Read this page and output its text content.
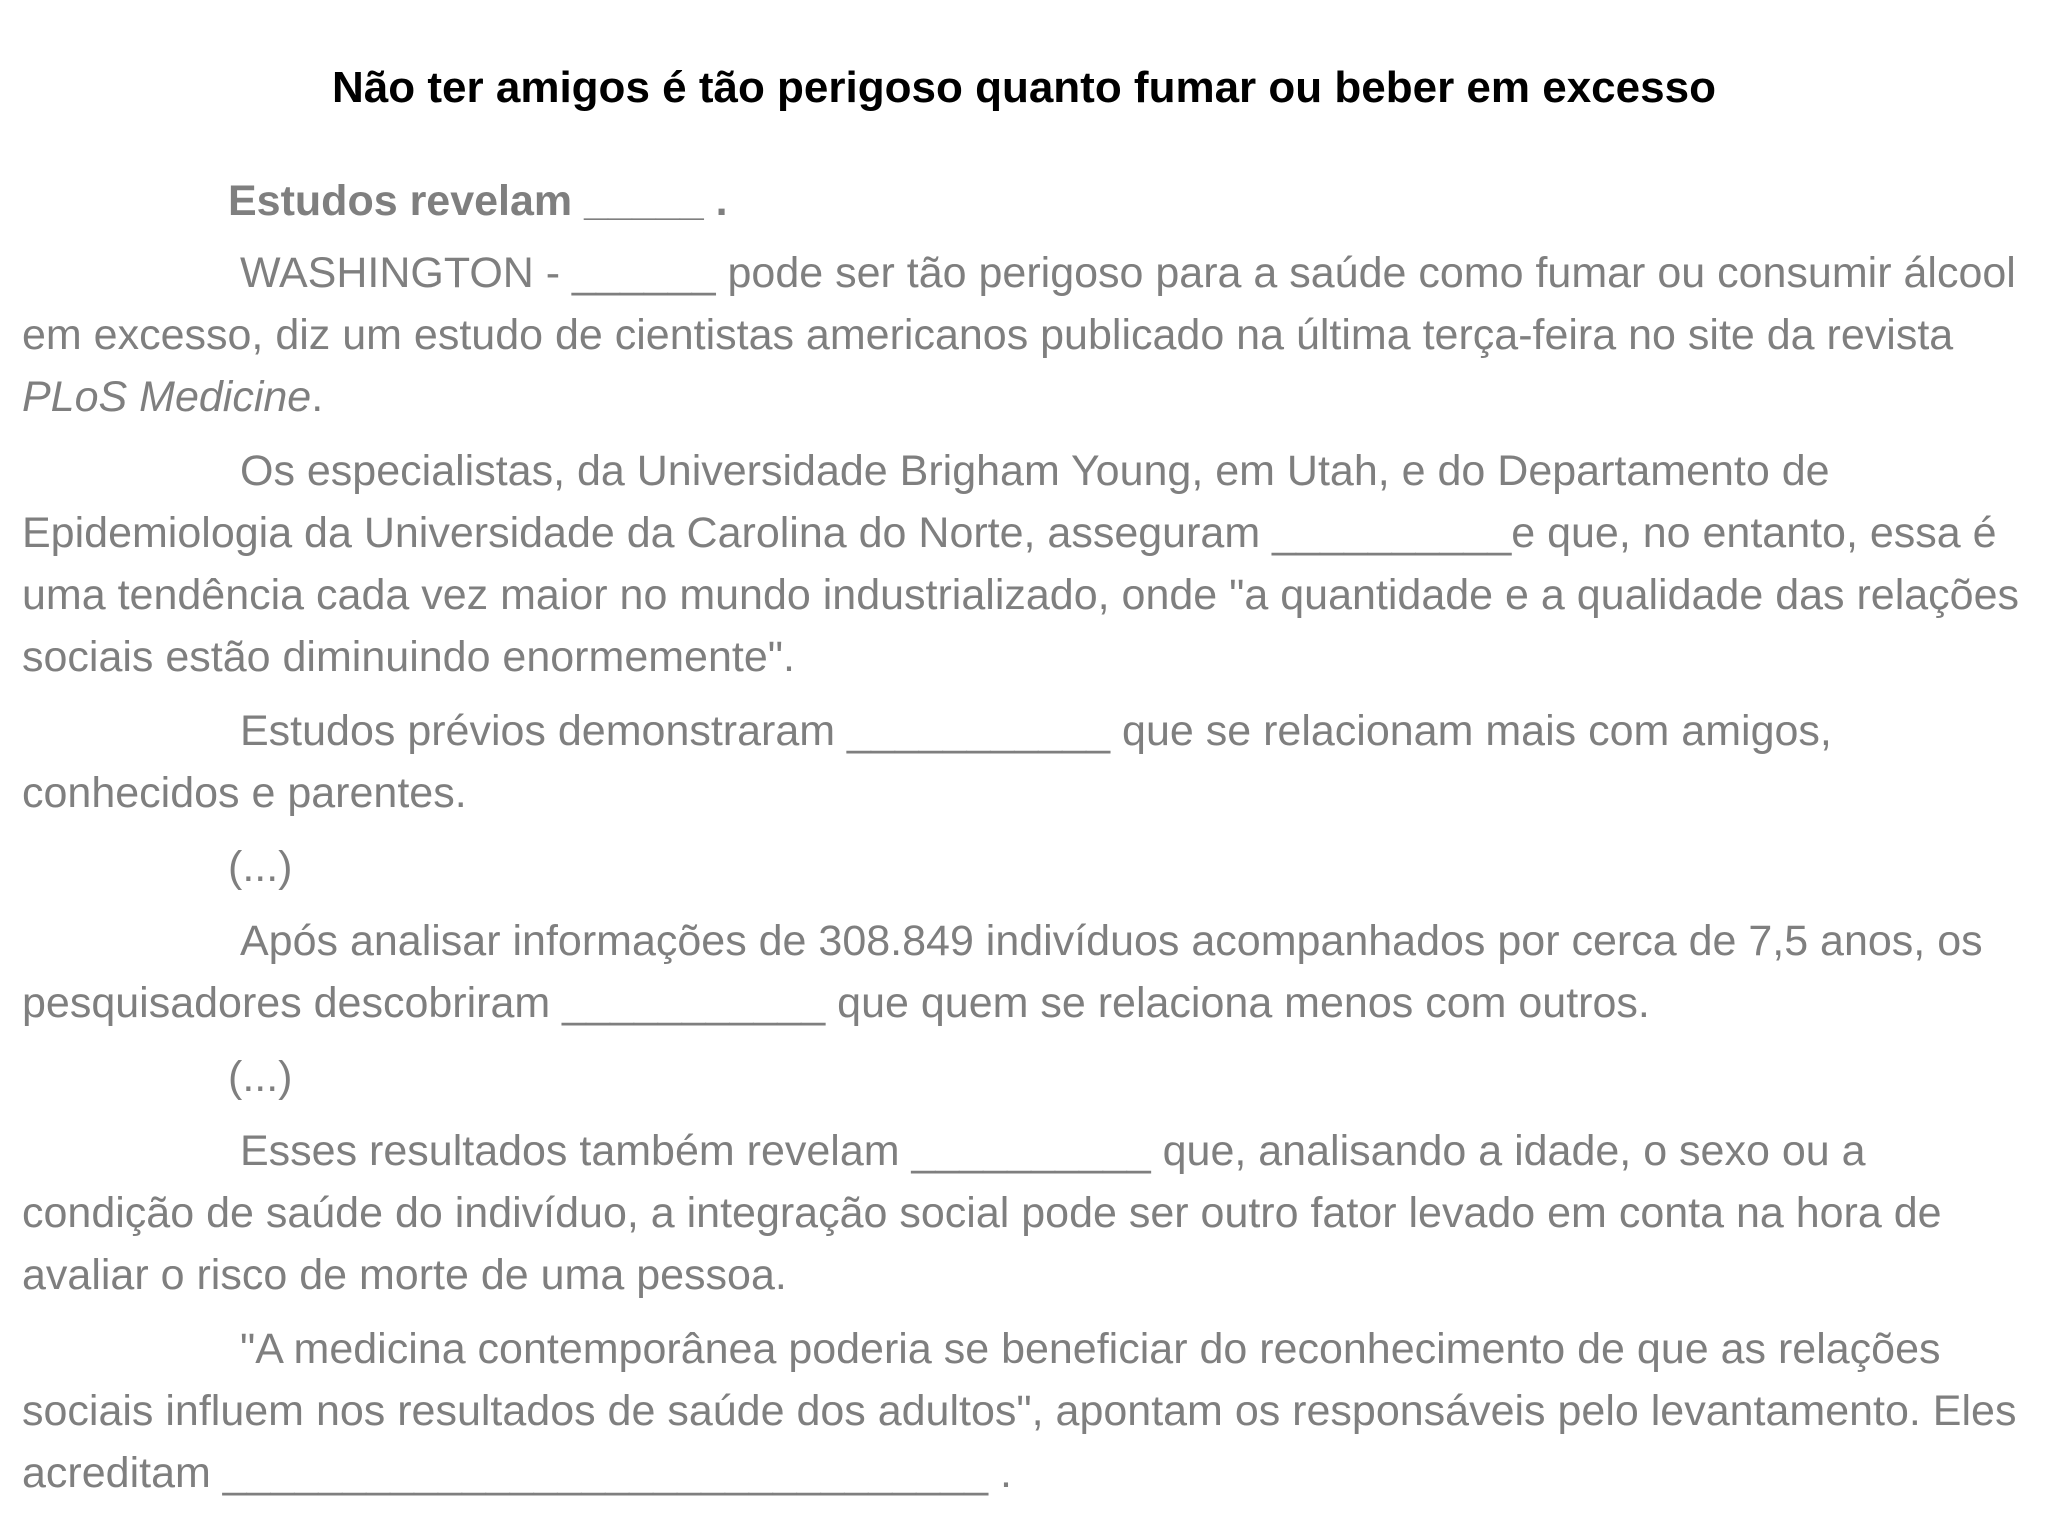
Não ter amigos é tão perigoso quanto fumar ou beber em excesso

Estudos revelam _____ .

WASHINGTON - ______ pode ser tão perigoso para a saúde como fumar ou consumir álcool em excesso, diz um estudo de cientistas americanos publicado na última terça-feira no site da revista PLoS Medicine.

Os especialistas, da Universidade Brigham Young, em Utah, e do Departamento de Epidemiologia da Universidade da Carolina do Norte, asseguram __________e que, no entanto, essa é uma tendência cada vez maior no mundo industrializado, onde "a quantidade e a qualidade das relações sociais estão diminuindo enormemente".

Estudos prévios demonstraram ___________ que se relacionam mais com amigos, conhecidos e parentes.

(...)

Após analisar informações de 308.849 indivíduos acompanhados por cerca de 7,5 anos, os pesquisadores descobriram ___________ que quem se relaciona menos com outros.

(...)

Esses resultados também revelam __________ que, analisando a idade, o sexo ou a condição de saúde do indivíduo, a integração social pode ser outro fator levado em conta na hora de avaliar o risco de morte de uma pessoa.

"A medicina contemporânea poderia se beneficiar do reconhecimento de que as relações sociais influem nos resultados de saúde dos adultos", apontam os responsáveis pelo levantamento. Eles acreditam ________________________________ .
